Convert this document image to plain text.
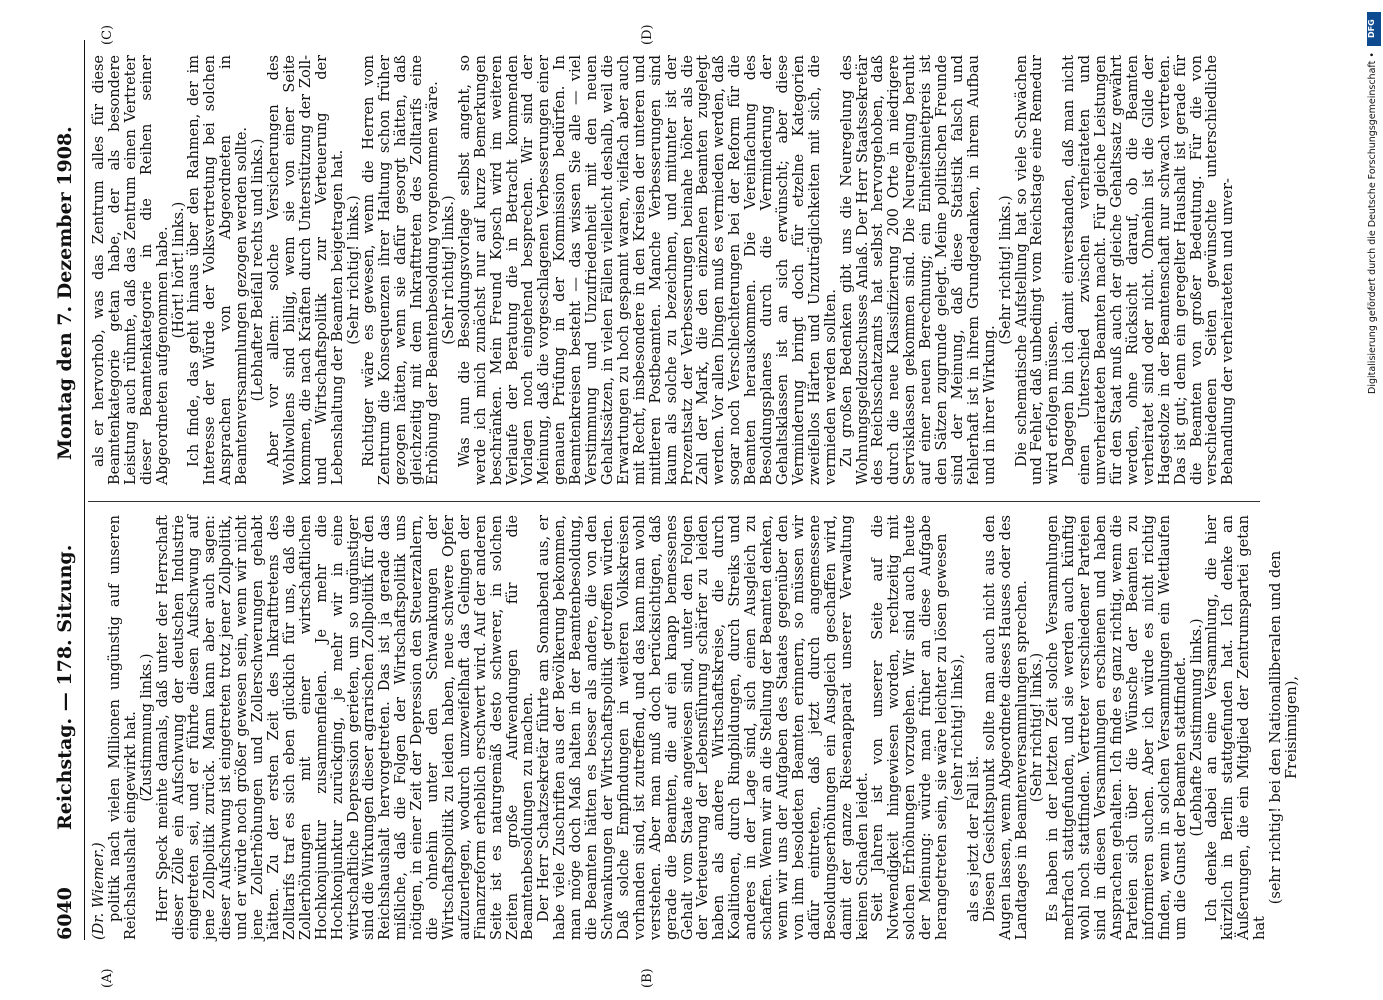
6040
Reichstag. — 178. Sitzung.
Montag den 7. Dezember 1908.
(A)	(B)
(C)	(D)

(Dr. Wiemer.) politik nach vielen Millionen ungünstig auf unseren Reichshaushalt eingewirkt hat. (Zustimmung links.) Herr Speck meinte damals, daß unter der Herrschaft dieser Zölle ein Aufschwung der deutschen Industrie eingetreten sei, und er führte diesen Aufschwung auf jene Zollpolitik zurück. Mann kann aber auch sagen: dieser Aufschwung ist eingetreten trotz jener Zollpolitik, und er würde noch größer gewesen sein, wenn wir nicht jene Zollerhöhungen und Zollerschwerungen gehabt hätten. Zu der ersten Zeit des Inkrafttretens des Zolltarifs traf es sich eben glücklich für uns, daß die Zollerhöhungen mit einer wirtschaftlichen Hochkonjunktur zusammenfielen. Je mehr die Hochkonjunktur zurückging, je mehr wir in eine wirtschaftliche Depression gerieten, um so ungünstiger sind die Wirkungen dieser agrarischen Zollpolitik für den Reichshaushalt hervorgetreten. Das ist ja gerade das mißliche, daß die Folgen der Wirtschaftspolitik uns nötigen, in einer Zeit der Depression den Steuerzahlern, die ohnehin unter den Schwankungen der Wirtschaftspolitik zu leiden haben, neue schwere Opfer aufzuerlegen, wodurch unzweifelhaft das Gelingen der Finanzreform erheblich erschwert wird. Auf der anderen Seite ist es naturgemäß desto schwerer, in solchen Zeiten große Aufwendungen für die Beamtenbesoldungen zu machen. Der Herr Schatzsekretär führte am Sonnabend aus, er habe viele Zuschriften aus der Bevölkerung bekommen, man möge doch Maß halten in der Beamtenbesoldung, die Beamten hätten es besser als andere, die von den Schwankungen der Wirtschaftspolitik getroffen würden. Daß solche Empfindungen in weiteren Volkskreisen vorhanden sind, ist zutreffend, und das kann man wohl verstehen. Aber man muß doch berücksichtigen, daß gerade die Beamten, die auf ein knapp bemessenes Gehalt vom Staate angewiesen sind, unter den Folgen der Verteuerung der Lebensführung schärfer zu leiden haben als andere Wirtschaftskreise, die durch Koalitionen, durch Ringbildungen, durch Streiks und anderes in der Lage sind, sich einen Ausgleich zu schaffen. Wenn wir an die Stellung der Beamten denken, wenn wir uns der Aufgaben des Staates gegenüber den von ihm besoldeten Beamten erinnern, so müssen wir dafür eintreten, daß jetzt durch angemessene Besoldungserhöhungen ein Ausgleich geschaffen wird, damit der ganze Riesenapparat unserer Verwaltung keinen Schaden leidet. Seit Jahren ist von unserer Seite auf die Notwendigkeit hingewiesen worden, rechtzeitig mit solchen Erhöhungen vorzugehen. Wir sind auch heute der Meinung: würde man früher an diese Aufgabe herangetreten sein, sie wäre leichter zu lösen gewesen (sehr richtig! links),

als es jetzt der Fall ist. Diesen Gesichtspunkt sollte man auch nicht aus den Augen lassen, wenn Abgeordnete dieses Hauses oder des Landtages in Beamtenversammlungen sprechen. (Sehr richtig! links.) Es haben in der letzten Zeit solche Versammlungen mehrfach stattgefunden, und sie werden auch künftig wohl noch stattfinden. Vertreter verschiedener Parteien sind in diesen Versammlungen erschienen und haben Ansprachen gehalten. Ich finde es ganz richtig, wenn die Parteien sich über die Wünsche der Beamten zu informieren suchen. Aber ich würde es nicht richtig finden, wenn in solchen Versammlungen ein Wettlaufen um die Gunst der Beamten stattfindet. (Lebhafte Zustimmung links.) Ich denke dabei an eine Versammlung, die hier kürzlich in Berlin stattgefunden hat. Ich denke an Äußerungen, die ein Mitglied der Zentrumspartei getan hat

(sehr richtig! bei den Nationalliberalen und den Freisinnigen),

als er hervorhob, was das Zentrum alles für diese Beamtenkategorie getan habe, der als besondere Leistung auch rühmte, daß das Zentrum einen Vertreter dieser Beamtenkategorie in die Reihen seiner Abgeordneten aufgenommen habe. (Hört! hört! links.) Ich finde, das geht hinaus über den Rahmen, der im Interesse der Würde der Volksvertretung bei solchen Ansprachen von Abgeordneten in Beamtenversammlungen gezogen werden sollte. (Lebhafter Beifall rechts und links.) Aber vor allem: solche Versicherungen des Wohlwollens sind billig, wenn sie von einer Seite kommen, die nach Kräften durch Unterstützung der Zoll- und Wirtschaftspolitik zur Verteuerung der Lebenshaltung der Beamten beigetragen hat. (Sehr richtig! links.) Richtiger wäre es gewesen, wenn die Herren vom Zentrum die Konsequenzen ihrer Haltung schon früher gezogen hätten, wenn sie dafür gesorgt hätten, daß gleichzeitig mit dem Inkrafttreten des Zolltarifs eine Erhöhung der Beamtenbesoldung vorgenommen wäre. (Sehr richtig! links.) Was nun die Besoldungsvorlage selbst angeht, so werde ich mich zunächst nur auf kurze Bemerkungen beschränken. Mein Freund Kopsch wird im weiteren Verlaufe der Beratung die in Betracht kommenden Vorlagen noch eingehend besprechen. Wir sind der Meinung, daß die vorgeschlagenen Verbesserungen einer genauen Prüfung in der Kommission bedürfen. In Beamtenkreisen besteht — das wissen Sie alle — viel Verstimmung und Unzufriedenheit mit den neuen Gehaltssätzen, in vielen Fällen vielleicht deshalb, weil die Erwartungen zu hoch gespannt waren, vielfach aber auch mit Recht, insbesondere in den Kreisen der unteren und mittleren Postbeamten. Manche Verbesserungen sind kaum als solche zu bezeichnen, und mitunter ist der Prozentsatz der Verbesserungen beinahe höher als die Zahl der Mark, die den einzelnen Beamten zugelegt werden. Vor allen Dingen muß es vermieden werden, daß sogar noch Verschlechterungen bei der Reform für die Beamten herauskommen. Die Vereinfachung des Besoldungsplanes durch die Verminderung der Gehaltsklassen ist an sich erwünscht; aber diese Verminderung bringt doch für etzelne Kategorien zweifellos Härten und Unzuträglichkeiten mit sich, die vermieden werden sollten. Zu großen Bedenken gibt uns die Neuregelung des Wohnungsgeldzuschusses Anlaß. Der Herr Staatssekretär des Reichsschatzamts hat selbst hervorgehoben, daß durch die neue Klassifizierung 200 Orte in niedrigere Servisklassen gekommen sind. Die Neuregelung beruht auf einer neuen Berechnung; ein Einheitsmietpreis ist den Sätzen zugrunde gelegt. Meine politischen Freunde sind der Meinung, daß diese Statistik falsch und fehlerhaft ist in ihrem Grundgedanken, in ihrem Aufbau und in ihrer Wirkung.

(Sehr richtig! links.) Die schematische Aufstellung hat so viele Schwächen und Fehler, daß unbedingt vom Reichstage eine Remedur wird erfolgen müssen. Dagegen bin ich damit einverstanden, daß man nicht einen Unterschied zwischen verheirateten und unverheirateten Beamten macht. Für gleiche Leistungen für den Staat muß auch der gleiche Gehaltssatz gewährt werden, ohne Rücksicht darauf, ob die Beamten verheiratet sind oder nicht. Ohnehin ist die Gilde der Hagestolze in der Beamtenschaft nur schwach vertreten. Das ist gut; denn ein geregelter Haushalt ist gerade für die Beamten von großer Bedeutung. Für die von verschiedenen Seiten gewünschte unterschiedliche Behandlung der verheirateten und unver-

DFG
Digitalisierung gefördert durch die Deutsche Forschungsgemeinschaft •
